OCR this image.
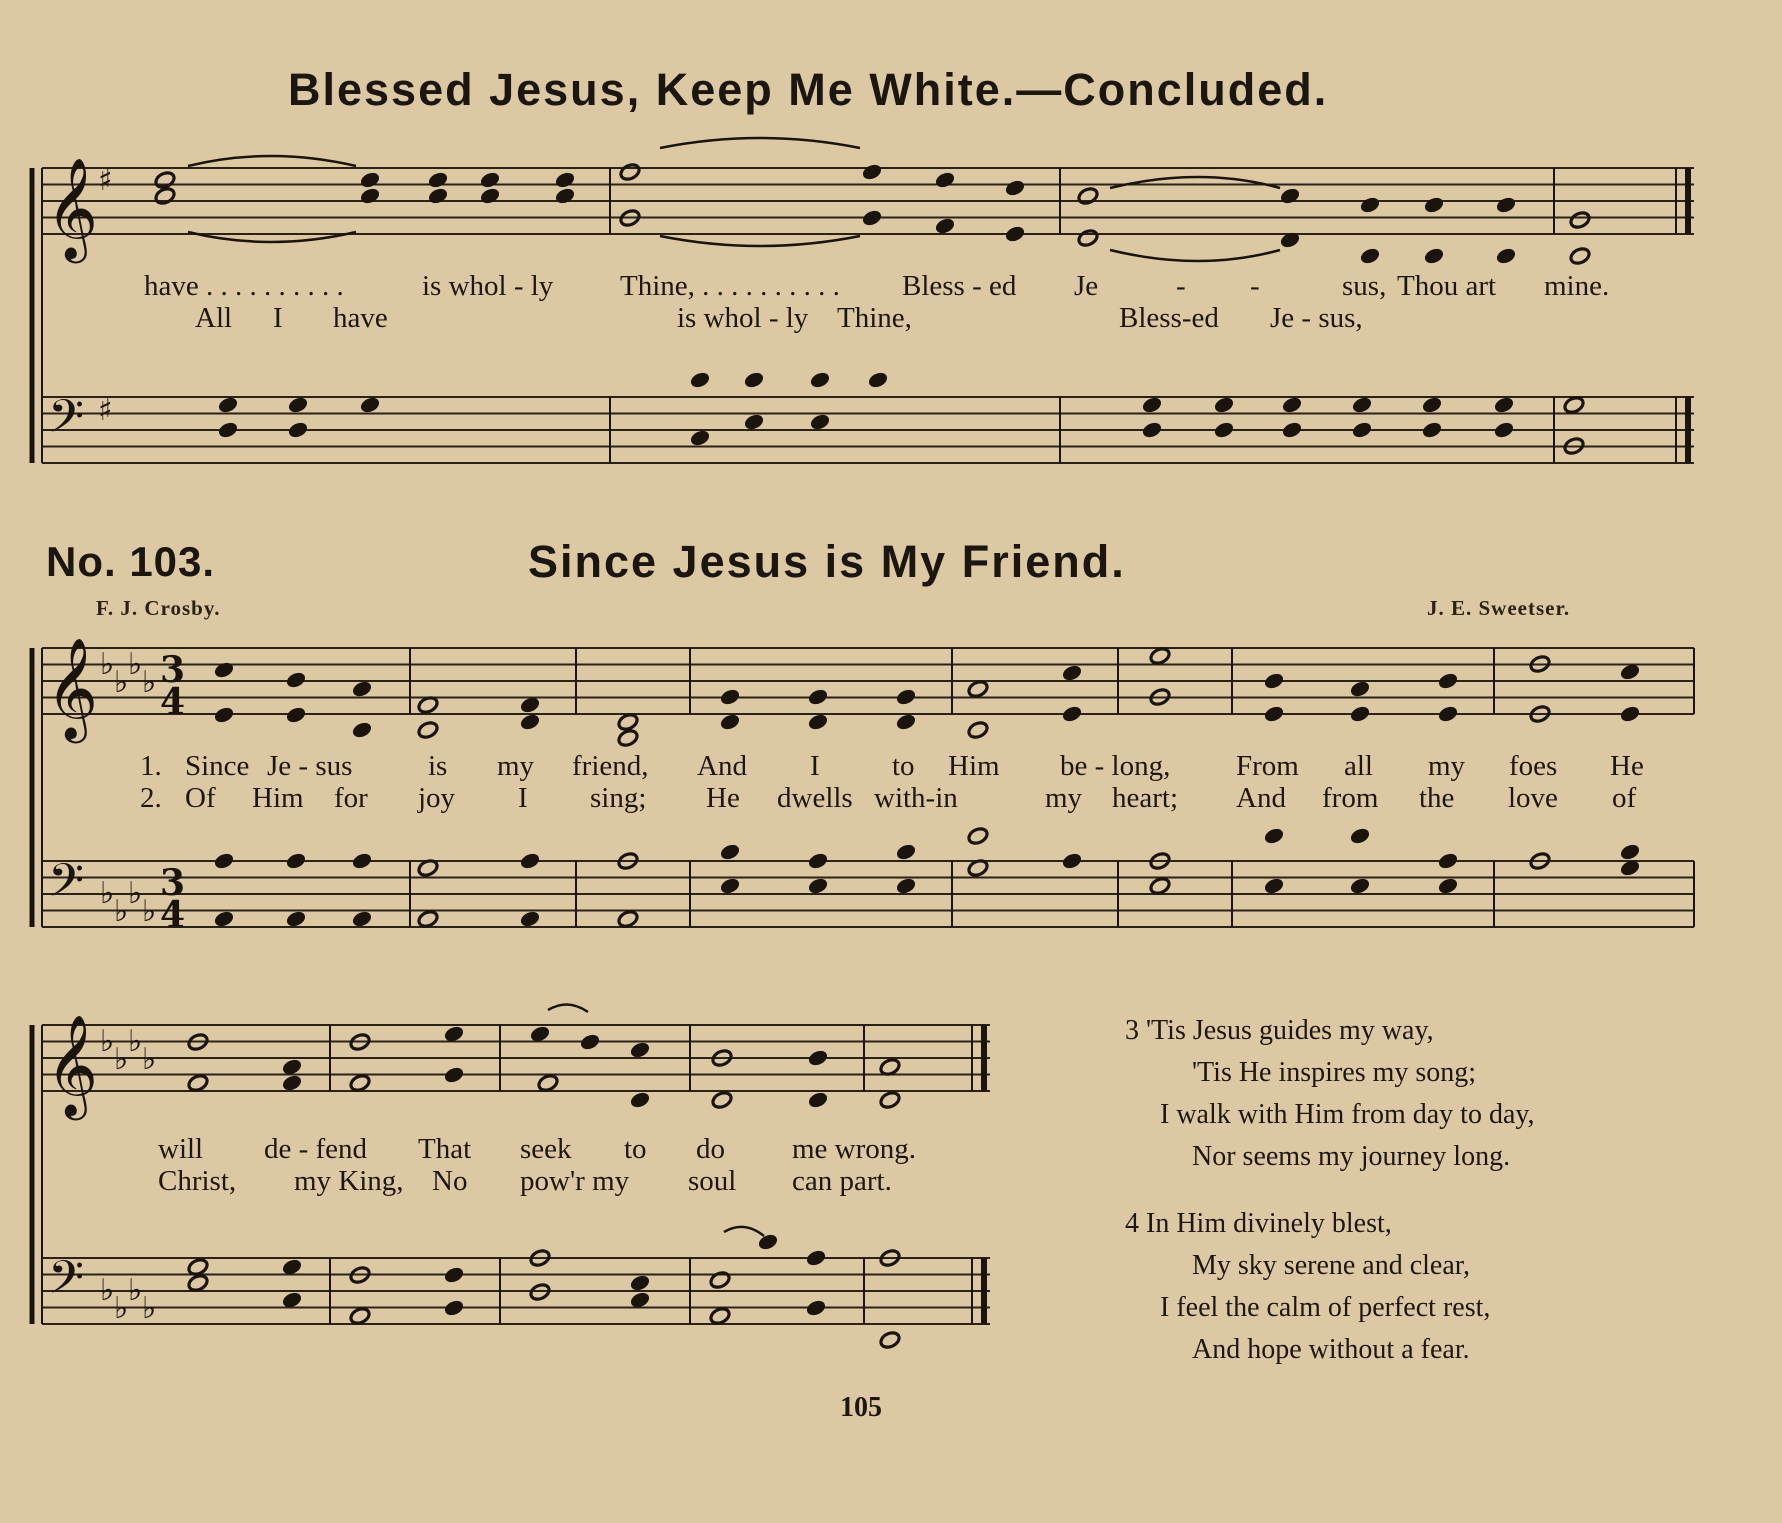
𝄞
𝄞
𝄞
𝄢
𝄢
𝄢
♯
♯
♭
♭
♭
♭
♭
♭
♭
♭
♭
♭
♭
♭
♭
♭
♭
♭
3
4
3
4
Blessed Jesus, Keep Me White.—Concluded.
have . . . . . . . . . .	is whol - ly Thine, . . . . . . . . . . Bless - ed Je	- -	sus, Thou art mine.
All I have	is whol - ly Thine,	Bless-ed Je - sus,
No. 103.	Since Jesus is My Friend.
F. J. Crosby.	J. E. Sweetser.
1. Since Je - sus	is my friend, And I to Him be - long, From all my foes He
2. Of Him for joy I sing; He dwells with-in	my heart; And from the love of
will de - fend That seek to do me wrong.
Christ, my King, No pow'r my soul can part.
3 'Tis Jesus guides my way,
'Tis He inspires my song;
I walk with Him from day to day,
Nor seems my journey long.
4 In Him divinely blest,
My sky serene and clear,
I feel the calm of perfect rest,
And hope without a fear.
105
